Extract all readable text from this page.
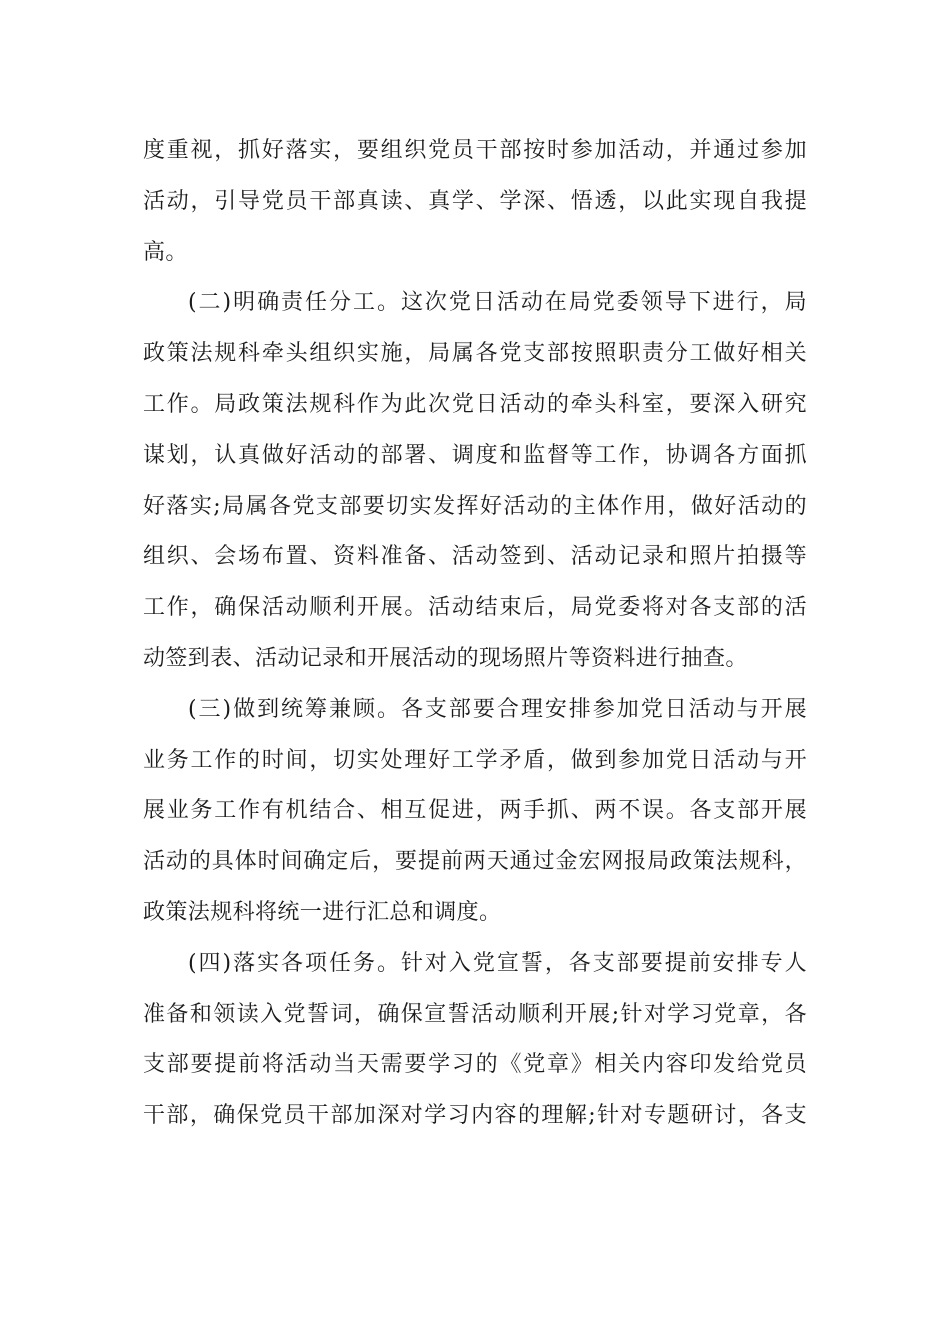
度重视，抓好落实，要组织党员干部按时参加活动，并通过参加
活动，引导党员干部真读、真学、学深、悟透，以此实现自我提
高。

(二)明确责任分工。这次党日活动在局党委领导下进行，局
政策法规科牵头组织实施，局属各党支部按照职责分工做好相关
工作。局政策法规科作为此次党日活动的牵头科室，要深入研究
谋划，认真做好活动的部署、调度和监督等工作，协调各方面抓
好落实;局属各党支部要切实发挥好活动的主体作用，做好活动的
组织、会场布置、资料准备、活动签到、活动记录和照片拍摄等
工作，确保活动顺利开展。活动结束后，局党委将对各支部的活
动签到表、活动记录和开展活动的现场照片等资料进行抽查。

(三)做到统筹兼顾。各支部要合理安排参加党日活动与开展
业务工作的时间，切实处理好工学矛盾，做到参加党日活动与开
展业务工作有机结合、相互促进，两手抓、两不误。各支部开展
活动的具体时间确定后，要提前两天通过金宏网报局政策法规科，
政策法规科将统一进行汇总和调度。

(四)落实各项任务。针对入党宣誓，各支部要提前安排专人
准备和领读入党誓词，确保宣誓活动顺利开展;针对学习党章，各
支部要提前将活动当天需要学习的《党章》相关内容印发给党员
干部，确保党员干部加深对学习内容的理解;针对专题研讨，各支
